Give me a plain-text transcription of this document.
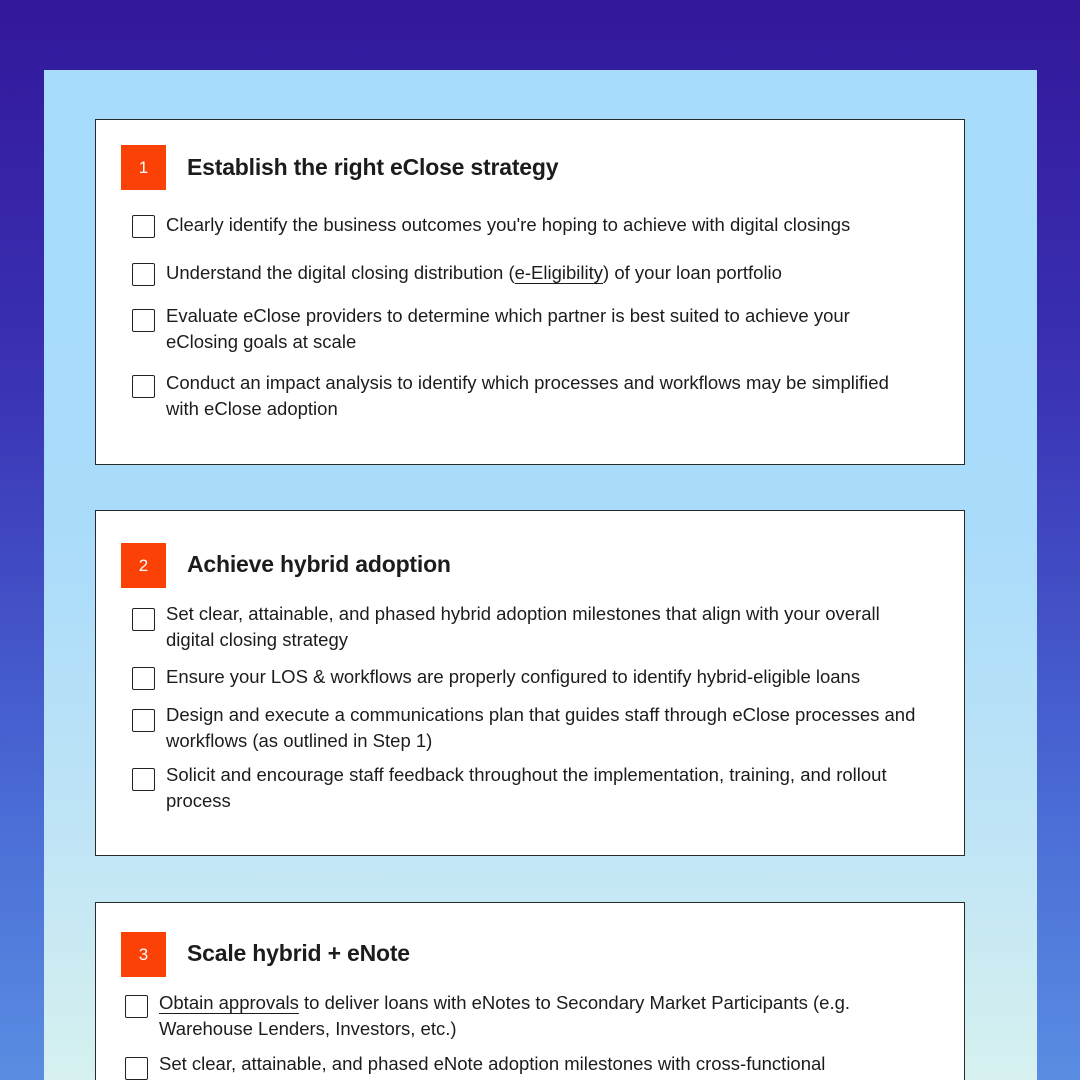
1	Establish the right eClose strategy
Clearly identify the business outcomes you're hoping to achieve with digital closings
Understand the digital closing distribution (e-Eligibility) of your loan portfolio
Evaluate eClose providers to determine which partner is best suited to achieve your eClosing goals at scale
Conduct an impact analysis to identify which processes and workflows may be simplified with eClose adoption
2	Achieve hybrid adoption
Set clear, attainable, and phased hybrid adoption milestones that align with your overall digital closing strategy
Ensure your LOS & workflows are properly configured to identify hybrid-eligible loans
Design and execute a communications plan that guides staff through eClose processes and workflows (as outlined in Step 1)
Solicit and encourage staff feedback throughout the implementation, training, and rollout process
3	Scale hybrid + eNote
Obtain approvals to deliver loans with eNotes to Secondary Market Participants (e.g. Warehouse Lenders, Investors, etc.)
Set clear, attainable, and phased eNote adoption milestones with cross-functional
